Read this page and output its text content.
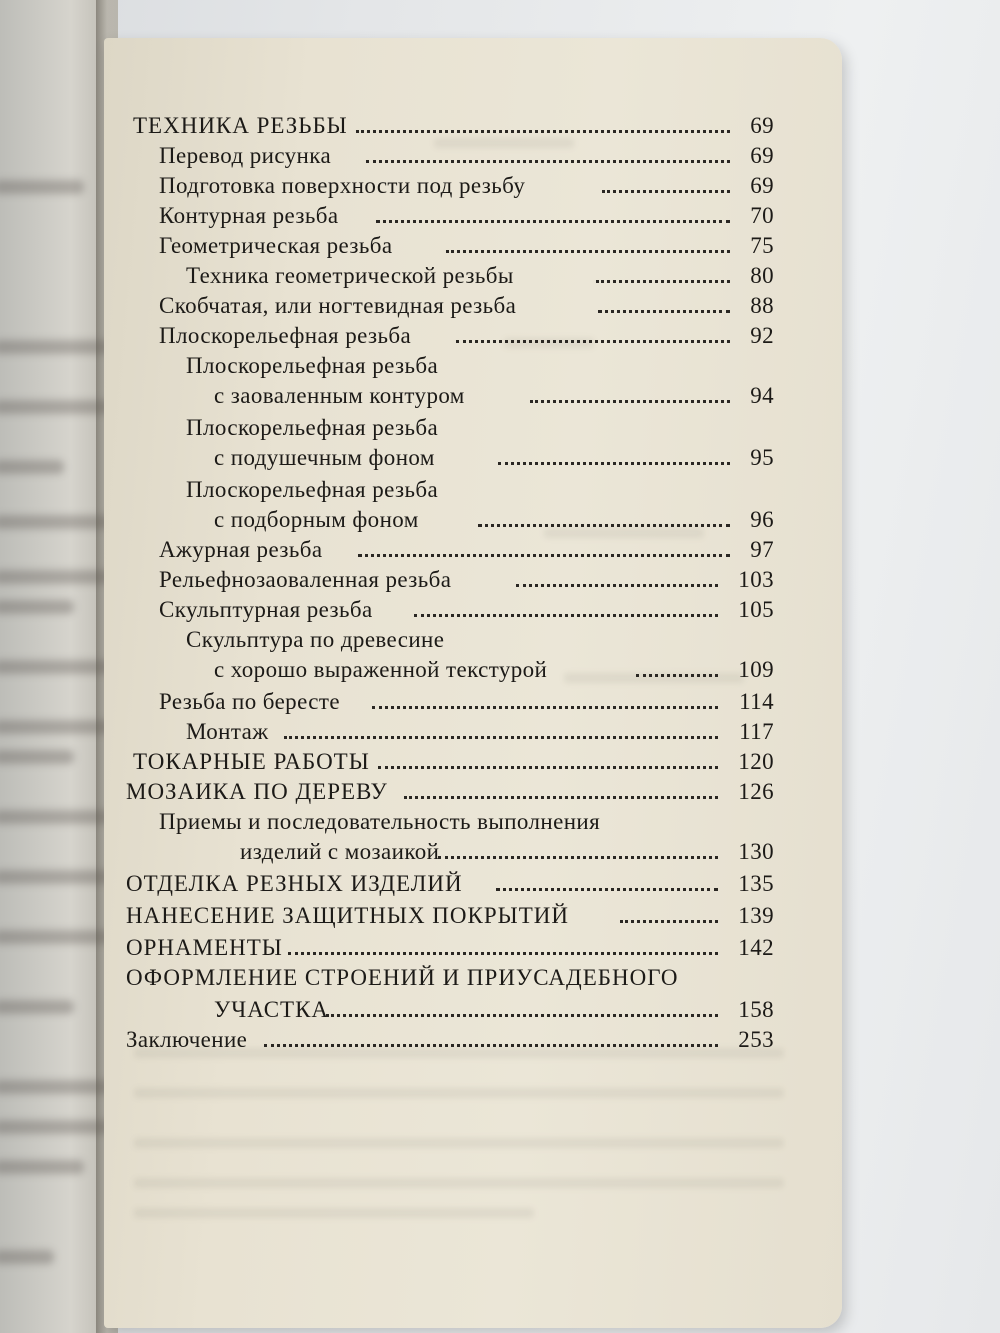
ТЕХНИКА РЕЗЬБЫ	69
Перевод рисунка	69
Подготовка поверхности под резьбу	69
Контурная резьба	70
Геометрическая резьба	75
Техника геометрической резьбы	80
Скобчатая, или ногтевидная резьба	88
Плоскорельефная резьба	92
Плоскорельефная резьба
с заоваленным контуром	94
Плоскорельефная резьба
с подушечным фоном	95
Плоскорельефная резьба
с подборным фоном	96
Ажурная резьба	97
Рельефнозаоваленная резьба	103
Скульптурная резьба	105
Скульптура по древесине
с хорошо выраженной текстурой	109
Резьба по бересте	114
Монтаж	117
ТОКАРНЫЕ РАБОТЫ	120
МОЗАИКА ПО ДЕРЕВУ	126
Приемы и последовательность выполнения
изделий с мозаикой	130
ОТДЕЛКА РЕЗНЫХ ИЗДЕЛИЙ	135
НАНЕСЕНИЕ ЗАЩИТНЫХ ПОКРЫТИЙ	139
ОРНАМЕНТЫ	142
ОФОРМЛЕНИЕ СТРОЕНИЙ И ПРИУСАДЕБНОГО
УЧАСТКА	158
Заключение	253
